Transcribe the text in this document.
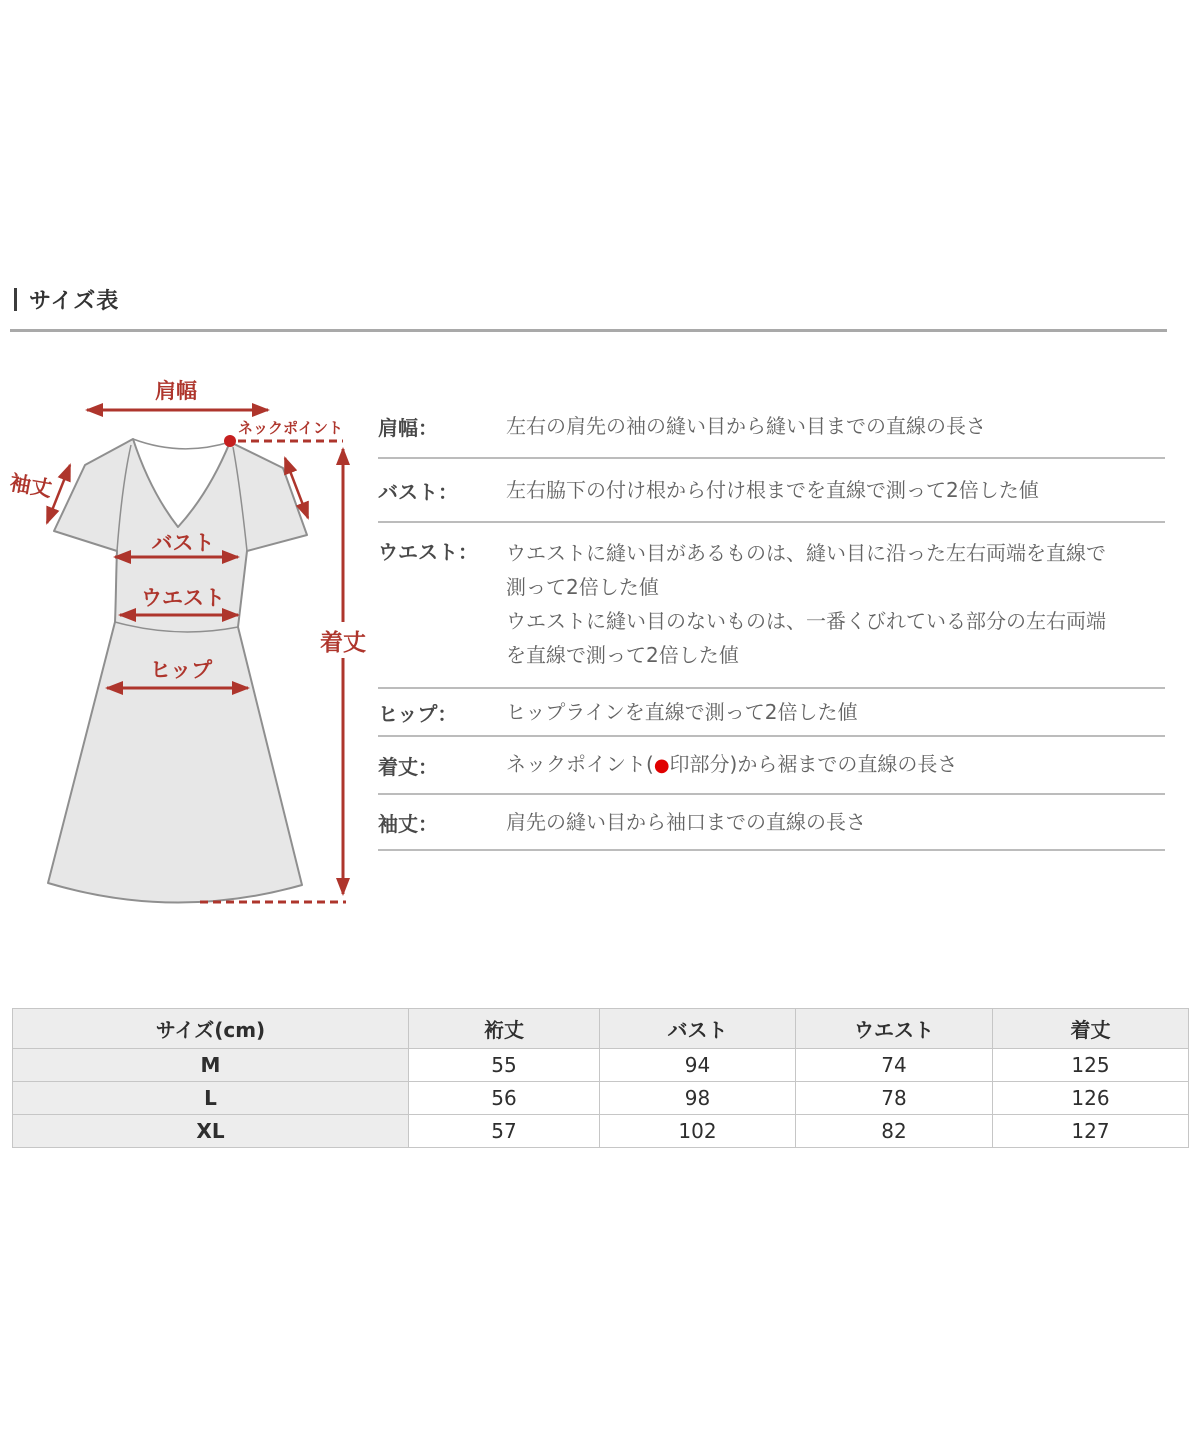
サイズ表
肩幅
ネックポイント
袖丈
バスト
ウエスト
ヒップ
着丈
肩幅：	左右の肩先の袖の縫い目から縫い目までの直線の長さ
バスト：	左右脇下の付け根から付け根までを直線で測って2倍した値
ウエスト：	ウエストに縫い目があるものは、縫い目に沿った左右両端を直線で
測って2倍した値
ウエストに縫い目のないものは、一番くびれている部分の左右両端
を直線で測って2倍した値
ヒップ：	ヒップラインを直線で測って2倍した値
着丈：	ネックポイント(●印部分)から裾までの直線の長さ
袖丈：	肩先の縫い目から袖口までの直線の長さ
サイズ(cm)	裄丈	バスト	ウエスト	着丈
M	55	94	74	125
L	56	98	78	126
XL	57	102	82	127
